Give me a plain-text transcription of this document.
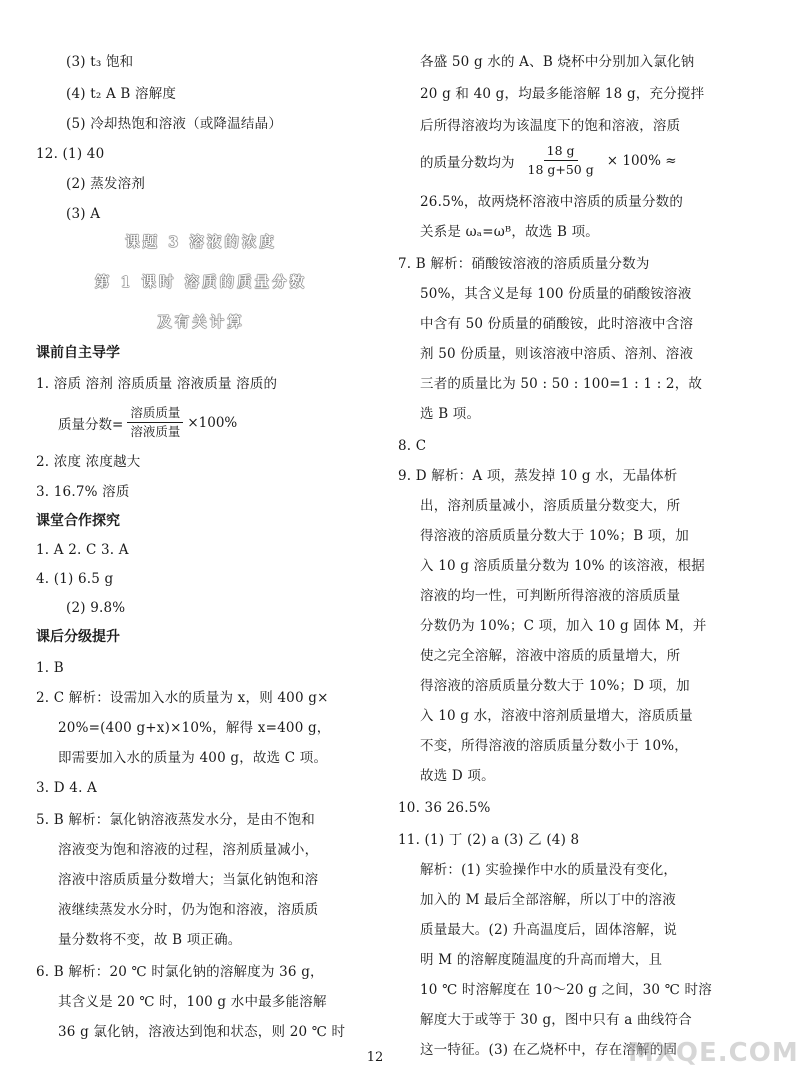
(3) t₃ 饱和
(4) t₂ A B 溶解度
(5) 冷却热饱和溶液（或降温结晶）
12. (1) 40
(2) 蒸发溶剂
(3) A
课题 3 溶液的浓度
第 1 课时 溶质的质量分数
及有关计算
课前自主导学
1. 溶质 溶剂 溶质质量 溶液质量 溶质的
质量分数= $\frac{\text{溶质质量}}{\text{溶液质量}} \times 100\%$
2. 浓度 浓度越大
3. 16.7% 溶质
课堂合作探究
1. A 2. C 3. A
4. (1) 6.5 g
(2) 9.8%
课后分级提升
1. B
2. C 解析：设需加入水的质量为 x，则 400 g×
20%=(400 g+x)×10%，解得 x=400 g，
即需要加入水的质量为 400 g，故选 C 项。
3. D 4. A
5. B 解析：氯化钠溶液蒸发水分，是由不饱和
溶液变为饱和溶液的过程，溶剂质量减小，
溶液中溶质质量分数增大；当氯化钠饱和溶
液继续蒸发水分时，仍为饱和溶液，溶质质
量分数将不变，故 B 项正确。
6. B 解析：20 ℃ 时氯化钠的溶解度为 36 g，
其含义是 20 ℃ 时，100 g 水中最多能溶解
36 g 氯化钠，溶液达到饱和状态，则 20 ℃ 时
各盛 50 g 水的 A、B 烧杯中分别加入氯化钠
20 g 和 40 g，均最多能溶解 18 g，充分搅拌
后所得溶液均为该温度下的饱和溶液，溶质
的质量分数均为 $\frac{18 g}{18 g+50 g} \times 100\%$ ≈
26.5%，故两烧杯溶液中溶质的质量分数的
关系是 ωₐ=ωᴮ，故选 B 项。
7. B 解析：硝酸铵溶液的溶质质量分数为
50%，其含义是每 100 份质量的硝酸铵溶液
中含有 50 份质量的硝酸铵，此时溶液中含溶
剂 50 份质量，则该溶液中溶质、溶剂、溶液
三者的质量比为 50 : 50 : 100=1 : 1 : 2，故
选 B 项。
8. C
9. D 解析：A 项，蒸发掉 10 g 水，无晶体析
出，溶剂质量减小，溶质质量分数变大，所
得溶液的溶质质量分数大于 10%；B 项，加
入 10 g 溶质质量分数为 10% 的该溶液，根据
溶液的均一性，可判断所得溶液的溶质质量
分数仍为 10%；C 项，加入 10 g 固体 M，并
使之完全溶解，溶液中溶质的质量增大，所
得溶液的溶质质量分数大于 10%；D 项，加
入 10 g 水，溶液中溶剂质量增大，溶质质量
不变，所得溶液的溶质质量分数小于 10%，
故选 D 项。
10. 36 26.5%
11. (1) 丁 (2) a (3) 乙 (4) 8
解析：(1) 实验操作中水的质量没有变化，
加入的 M 最后全部溶解，所以丁中的溶液
质量最大。(2) 升高温度后，固体溶解，说
明 M 的溶解度随温度的升高而增大，且
10 ℃ 时溶解度在 10～20 g 之间，30 ℃ 时溶
解度大于或等于 30 g，图中只有 a 曲线符合
这一特征。(3) 在乙烧杯中，存在溶解的固
12	MXQE.COM
